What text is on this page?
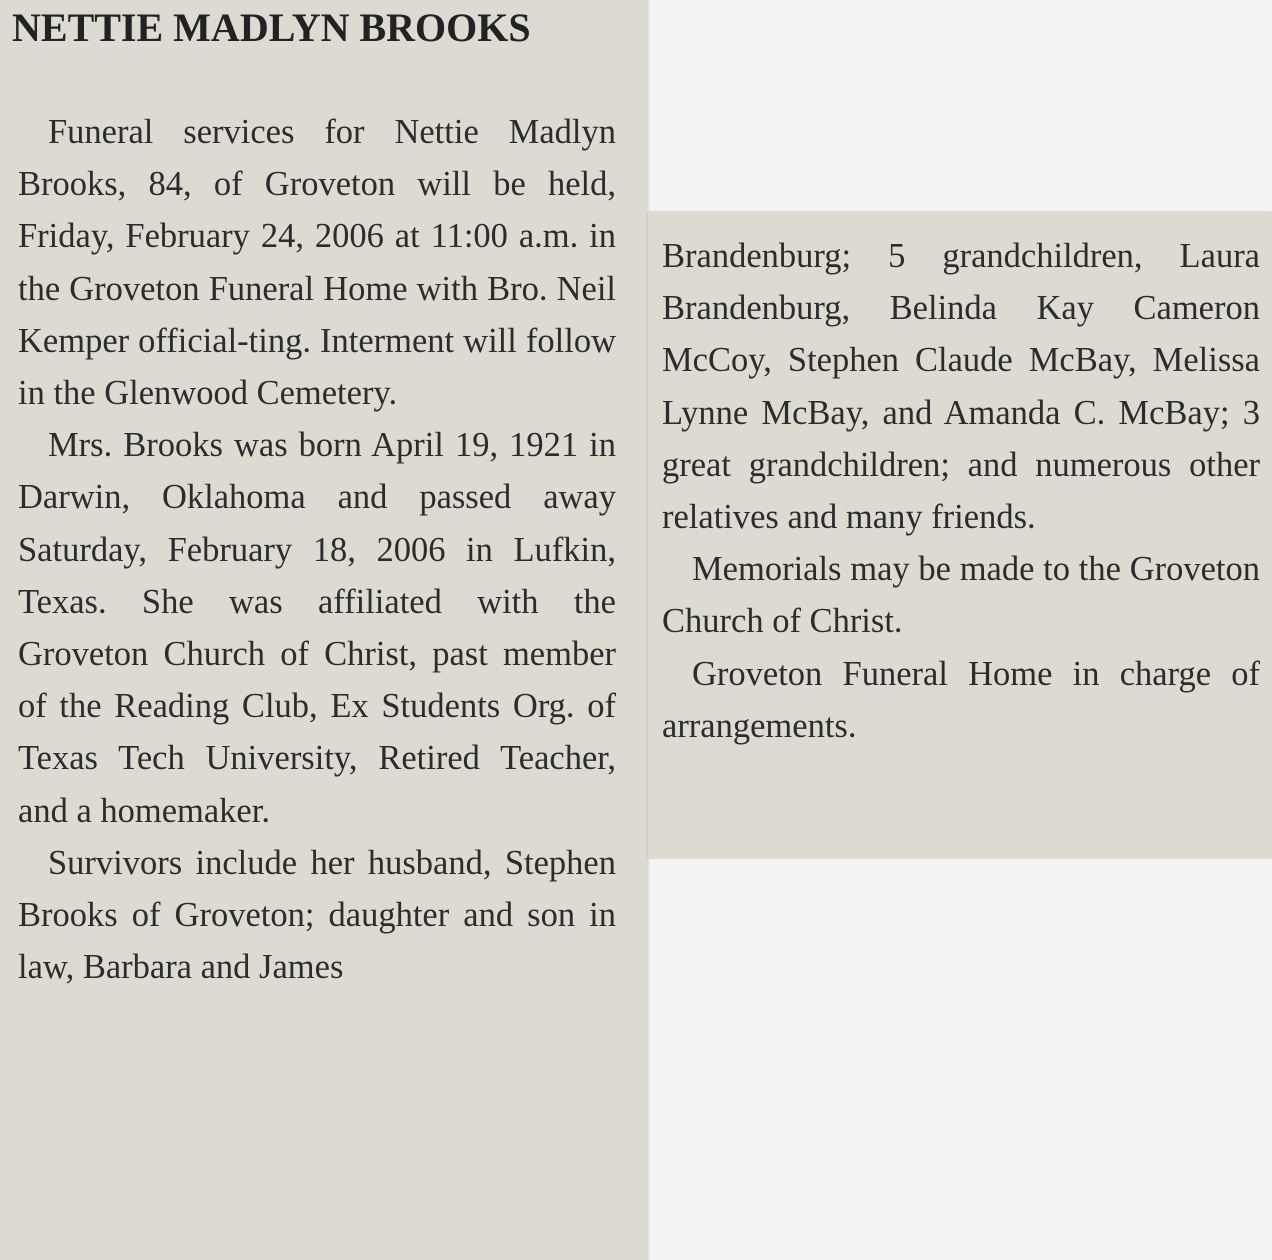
NETTIE MADLYN BROOKS

Funeral services for Nettie Madlyn Brooks, 84, of Groveton will be held, Friday, February 24, 2006 at 11:00 a.m. in the Groveton Funeral Home with Bro. Neil Kemper official-ting. Interment will follow in the Glenwood Cemetery.

Mrs. Brooks was born April 19, 1921 in Darwin, Oklahoma and passed away Saturday, February 18, 2006 in Lufkin, Texas. She was affiliated with the Groveton Church of Christ, past member of the Reading Club, Ex Students Org. of Texas Tech University, Retired Teacher, and a homemaker.

Survivors include her husband, Stephen Brooks of Groveton; daughter and son in law, Barbara and James

Brandenburg; 5 grandchildren, Laura Brandenburg, Belinda Kay Cameron McCoy, Stephen Claude McBay, Melissa Lynne McBay, and Amanda C. McBay; 3 great grandchildren; and numerous other relatives and many friends.

Memorials may be made to the Groveton Church of Christ.

Groveton Funeral Home in charge of arrangements.
